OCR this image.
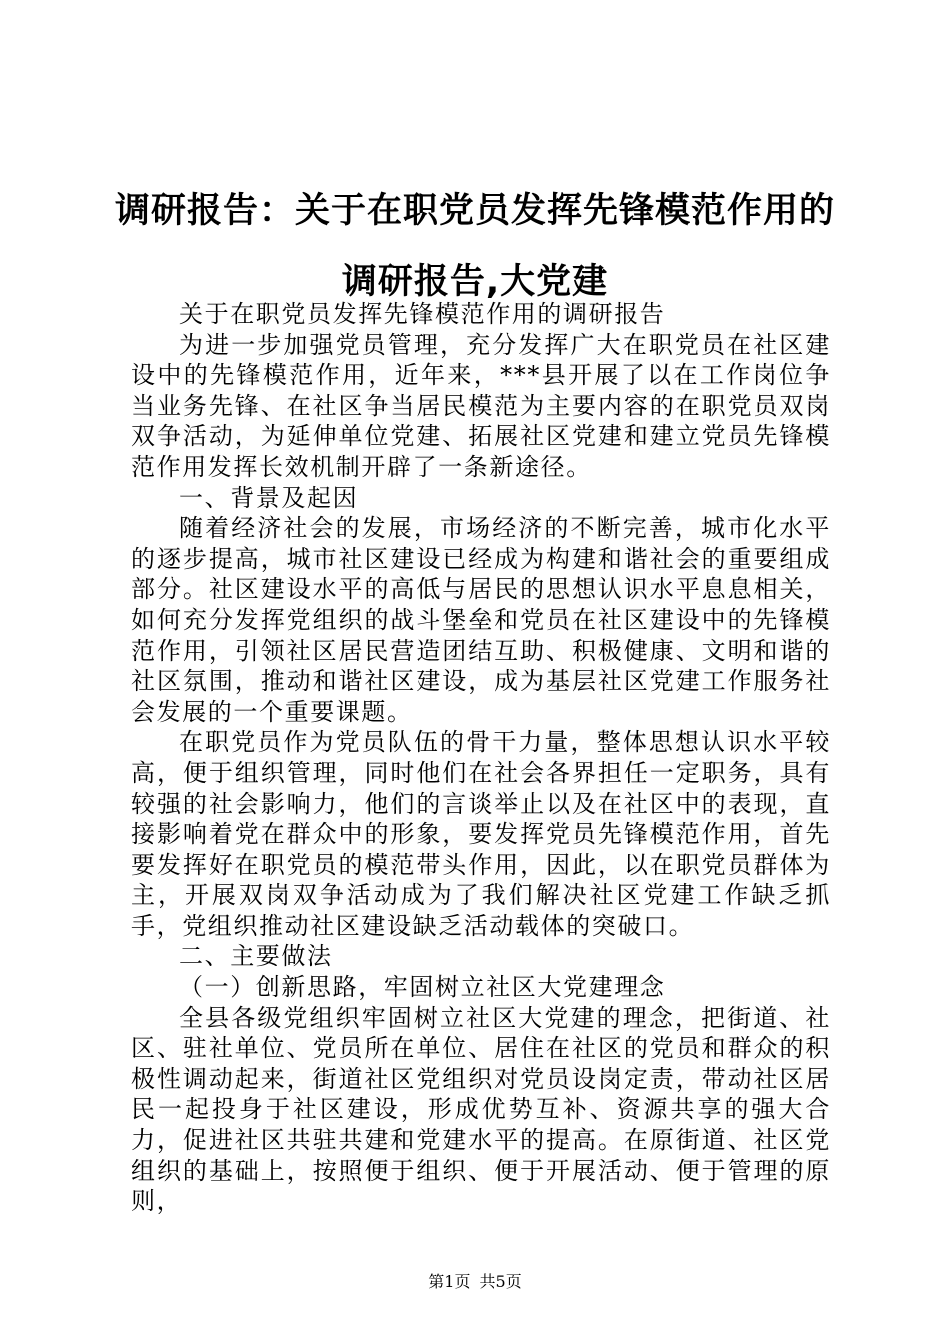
调研报告：关于在职党员发挥先锋模范作用的
调研报告,大党建

关于在职党员发挥先锋模范作用的调研报告

为进一步加强党员管理，充分发挥广大在职党员在社区建设中的先锋模范作用，近年来，***县开展了以在工作岗位争当业务先锋、在社区争当居民模范为主要内容的在职党员双岗双争活动，为延伸单位党建、拓展社区党建和建立党员先锋模范作用发挥长效机制开辟了一条新途径。

一、背景及起因

随着经济社会的发展，市场经济的不断完善，城市化水平的逐步提高，城市社区建设已经成为构建和谐社会的重要组成部分。社区建设水平的高低与居民的思想认识水平息息相关，如何充分发挥党组织的战斗堡垒和党员在社区建设中的先锋模范作用，引领社区居民营造团结互助、积极健康、文明和谐的社区氛围，推动和谐社区建设，成为基层社区党建工作服务社会发展的一个重要课题。

在职党员作为党员队伍的骨干力量，整体思想认识水平较高，便于组织管理，同时他们在社会各界担任一定职务，具有较强的社会影响力，他们的言谈举止以及在社区中的表现，直接影响着党在群众中的形象，要发挥党员先锋模范作用，首先要发挥好在职党员的模范带头作用，因此，以在职党员群体为主，开展双岗双争活动成为了我们解决社区党建工作缺乏抓手，党组织推动社区建设缺乏活动载体的突破口。

二、主要做法

（一）创新思路，牢固树立社区大党建理念

全县各级党组织牢固树立社区大党建的理念，把街道、社区、驻社单位、党员所在单位、居住在社区的党员和群众的积极性调动起来，街道社区党组织对党员设岗定责，带动社区居民一起投身于社区建设，形成优势互补、资源共享的强大合力，促进社区共驻共建和党建水平的提高。在原街道、社区党组织的基础上，按照便于组织、便于开展活动、便于管理的原则，

第1页 共5页
